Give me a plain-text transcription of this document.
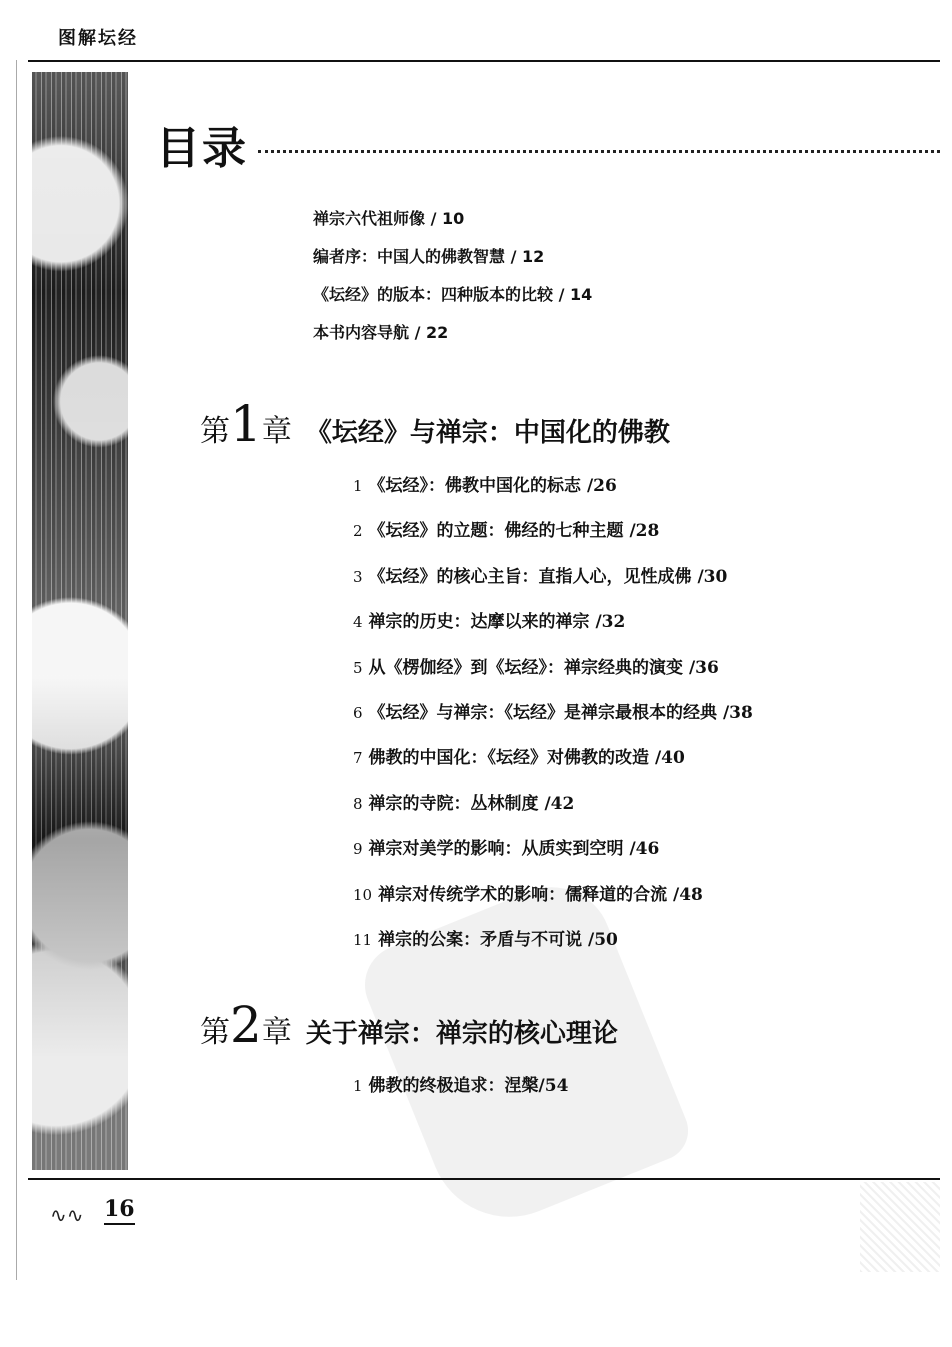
图解坛经
目录
禅宗六代祖师像 / 10
编者序：中国人的佛教智慧 / 12
《坛经》的版本：四种版本的比较 / 14
本书内容导航 / 22
第1章 《坛经》与禅宗：中国化的佛教
1 《坛经》：佛教中国化的标志 /26
2 《坛经》的立题：佛经的七种主题 /28
3 《坛经》的核心主旨：直指人心，见性成佛 /30
4 禅宗的历史：达摩以来的禅宗 /32
5 从《楞伽经》到《坛经》：禅宗经典的演变 /36
6 《坛经》与禅宗：《坛经》是禅宗最根本的经典 /38
7 佛教的中国化：《坛经》对佛教的改造 /40
8 禅宗的寺院：丛林制度 /42
9 禅宗对美学的影响：从质实到空明 /46
10 禅宗对传统学术的影响：儒释道的合流 /48
11 禅宗的公案：矛盾与不可说 /50
第2章 关于禅宗：禅宗的核心理论
1 佛教的终极追求：涅槃/54
∿∿ 16
